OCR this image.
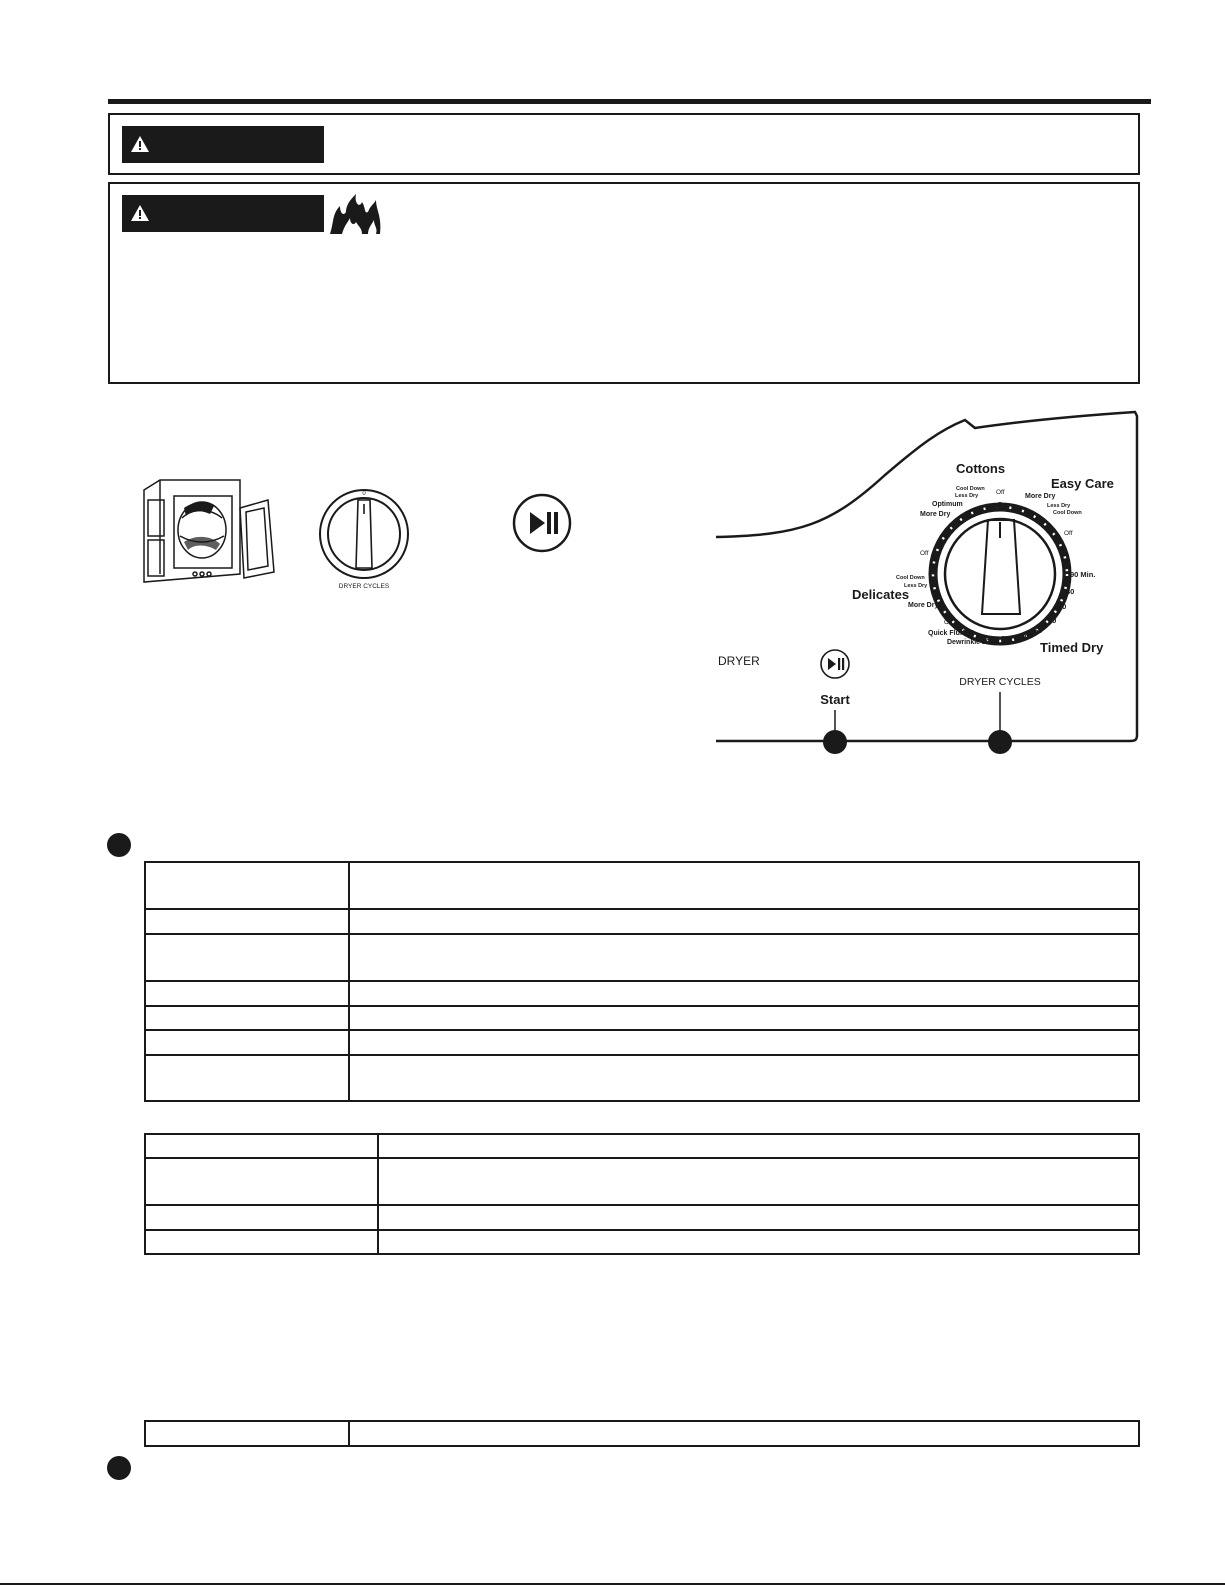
0
DRYER CYCLES
Cottons
Easy Care
Delicates
Timed Dry
Cool Down
Less Dry
Optimum
More Dry
Off
More Dry
Less Dry
Cool Down
Off
Off
Cool Down
Less Dry
More Dry
Off
Quick Fluff 10
Dewrinkle 20 30 40
50
60
70
80
90 Min.
DRYER
Start
DRYER CYCLES
